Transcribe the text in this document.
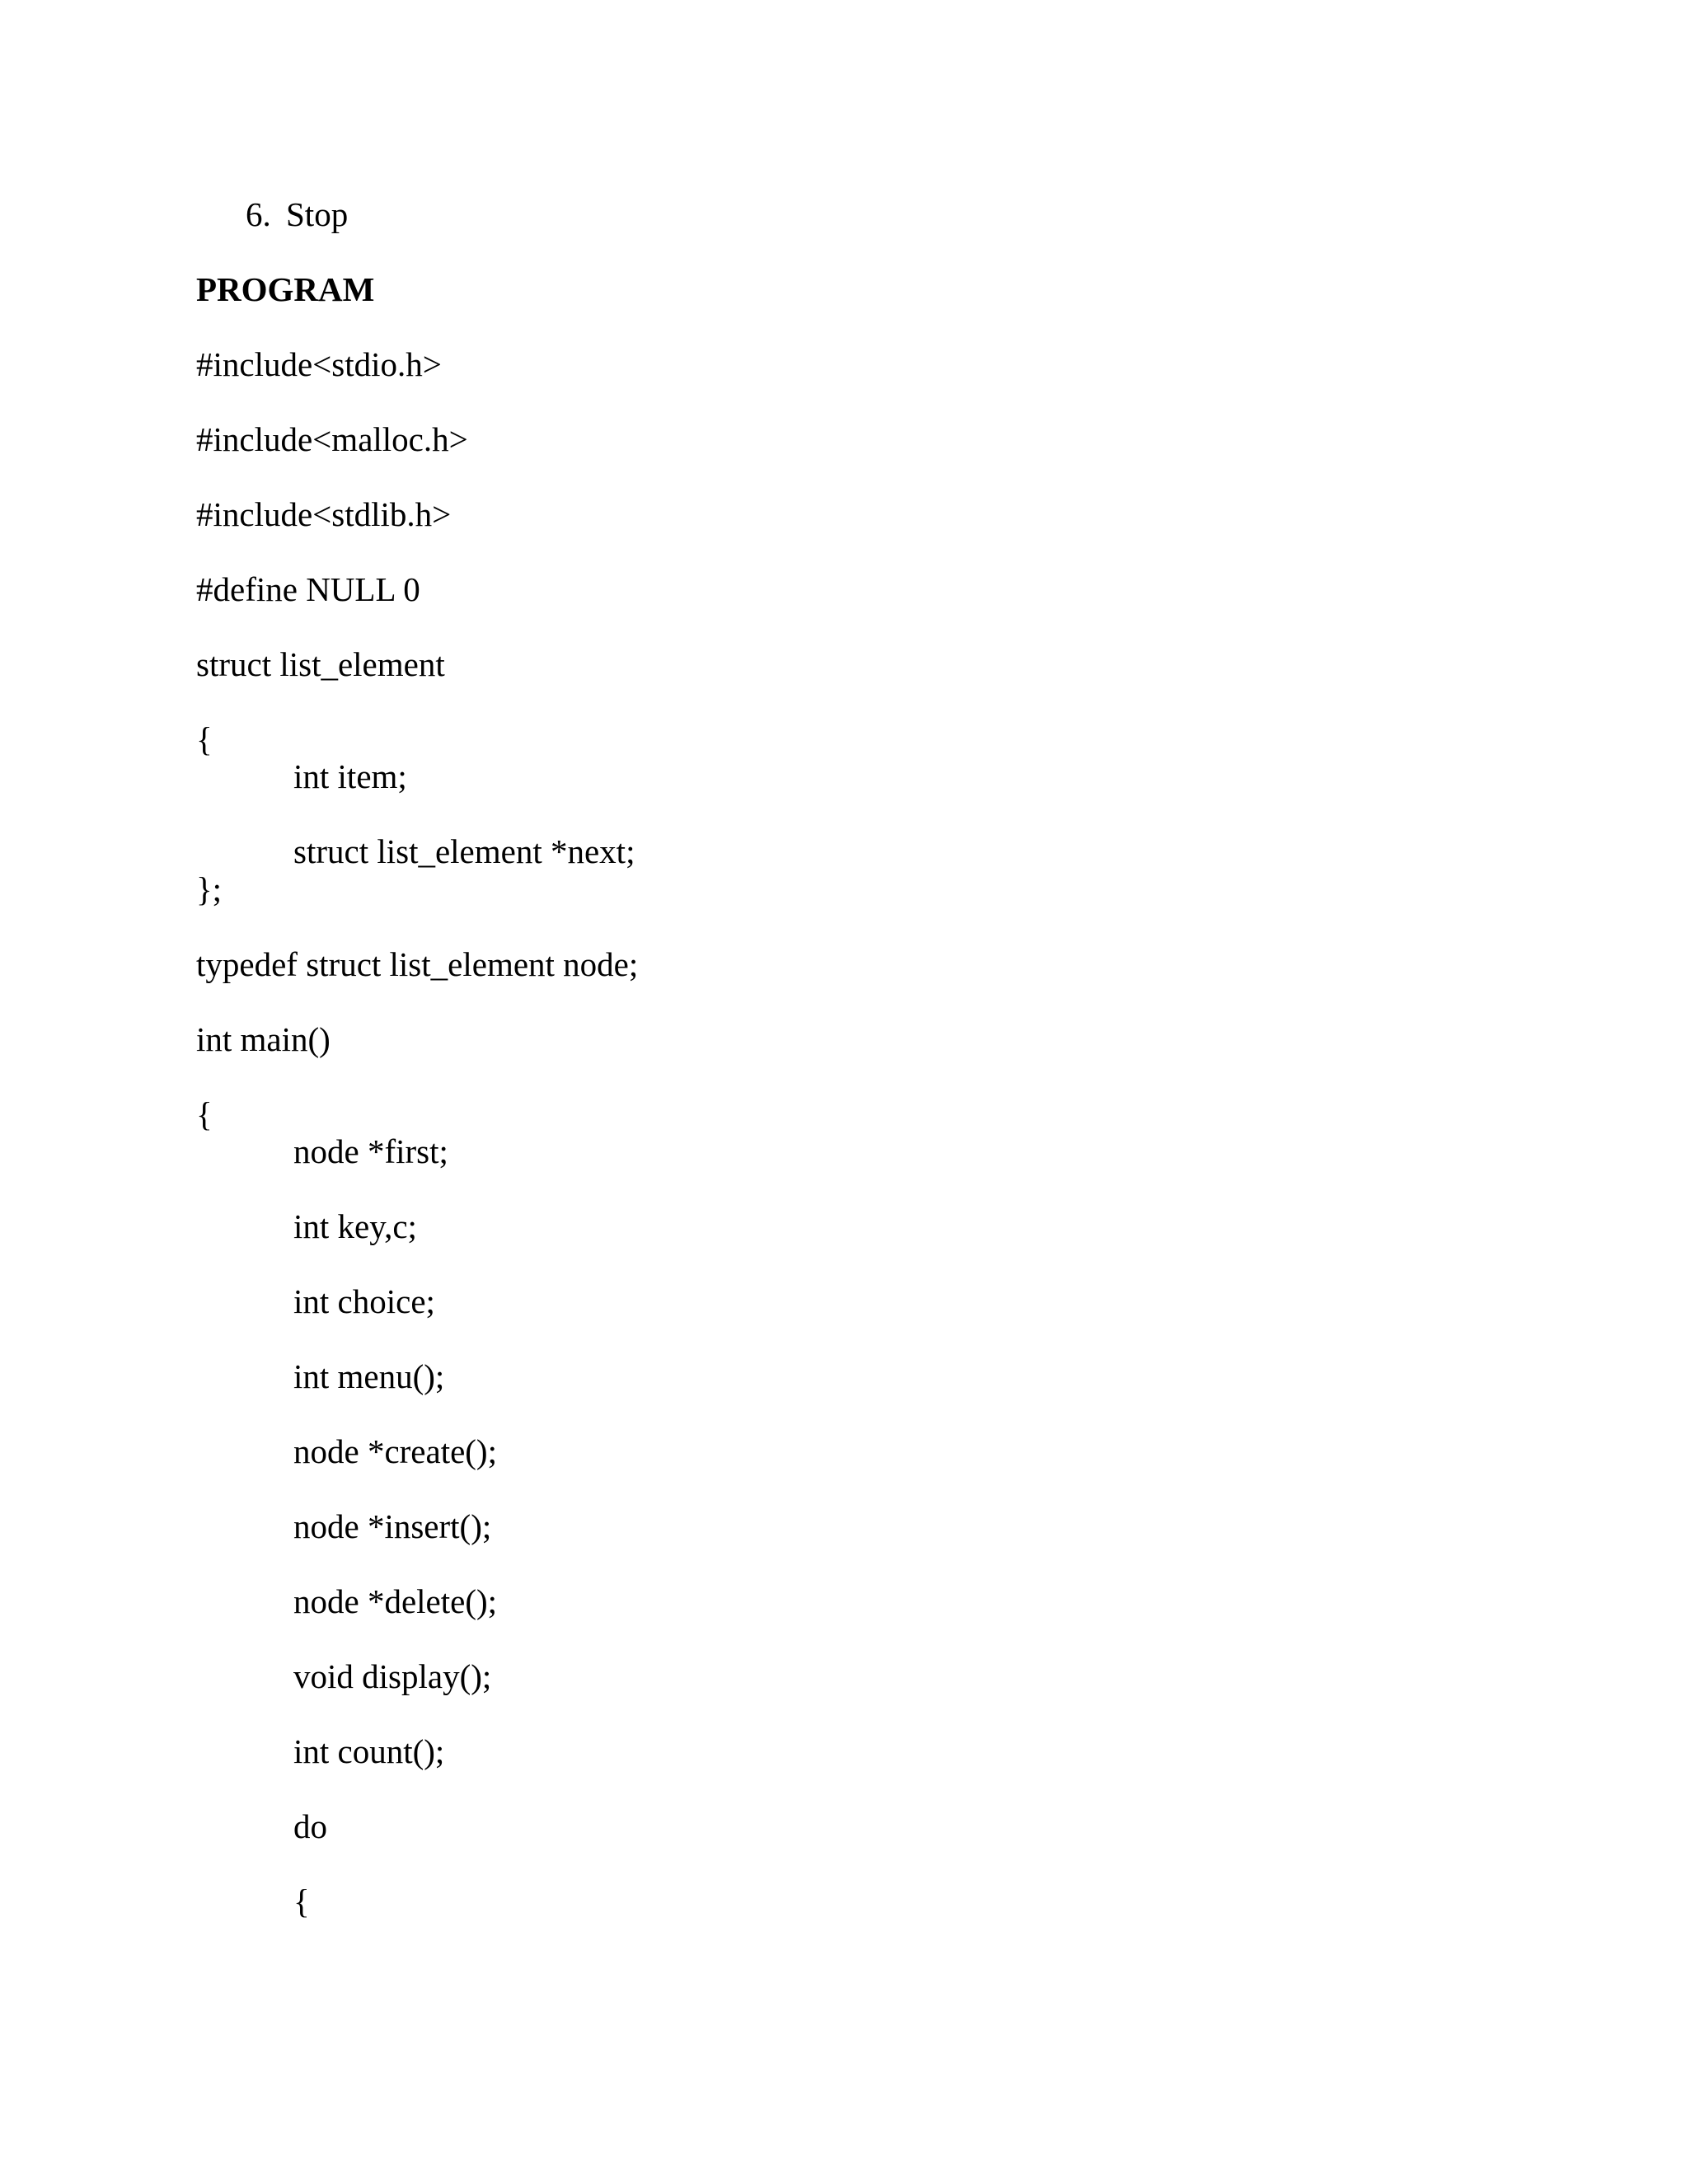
6. Stop
PROGRAM
#include<stdio.h>
#include<malloc.h>
#include<stdlib.h>
#define NULL 0
struct list_element
{
int item;
struct list_element *next;
};
typedef struct list_element node;
int main()
{
node *first;
int key,c;
int choice;
int menu();
node *create();
node *insert();
node *delete();
void display();
int count();
do
{
